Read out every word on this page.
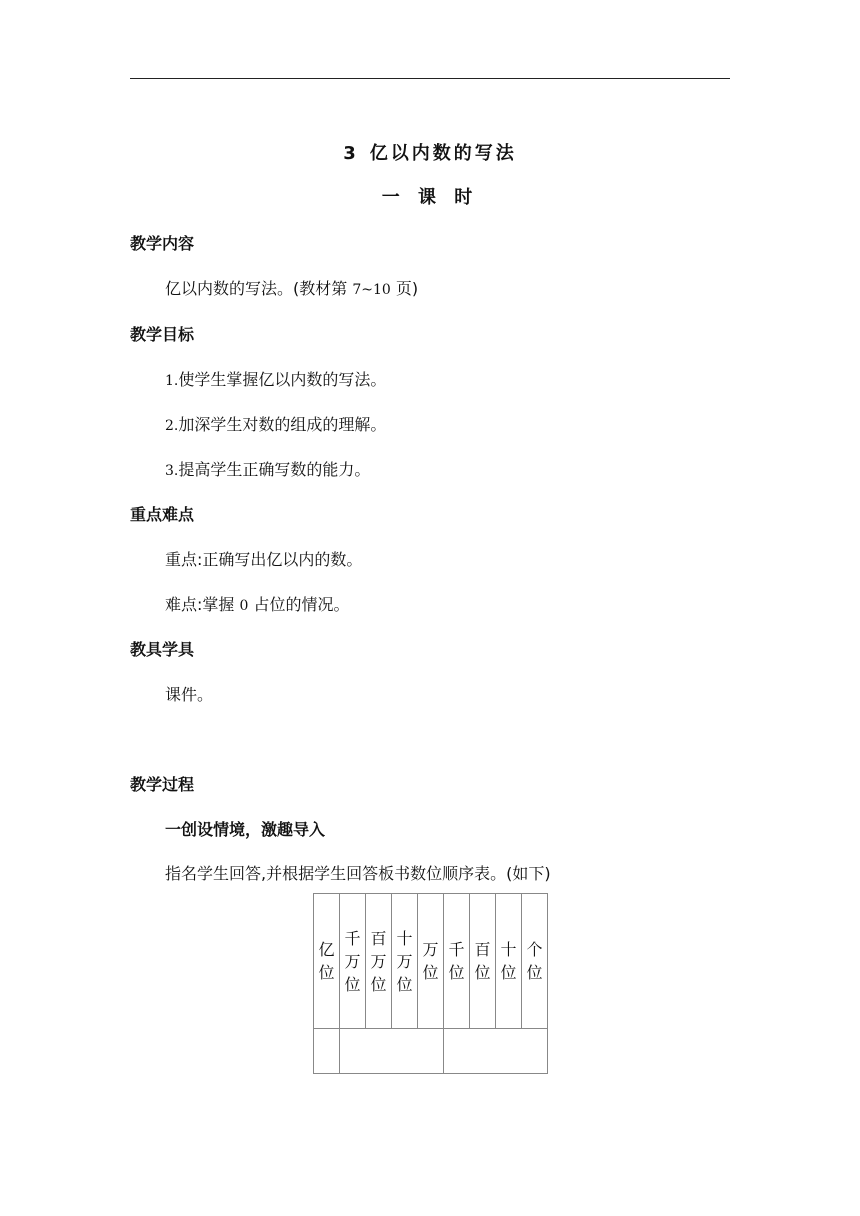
3 亿以内数的写法
一 课 时
教学内容
亿以内数的写法。(教材第 7~10 页)
教学目标
1.使学生掌握亿以内数的写法。
2.加深学生对数的组成的理解。
3.提高学生正确写数的能力。
重点难点
重点:正确写出亿以内的数。
难点:掌握 0 占位的情况。
教具学具
课件。
教学过程
一创设情境，激趣导入
指名学生回答,并根据学生回答板书数位顺序表。(如下)
亿位	千万位	百万位	十万位	万位	千位	百位	十位	个位
